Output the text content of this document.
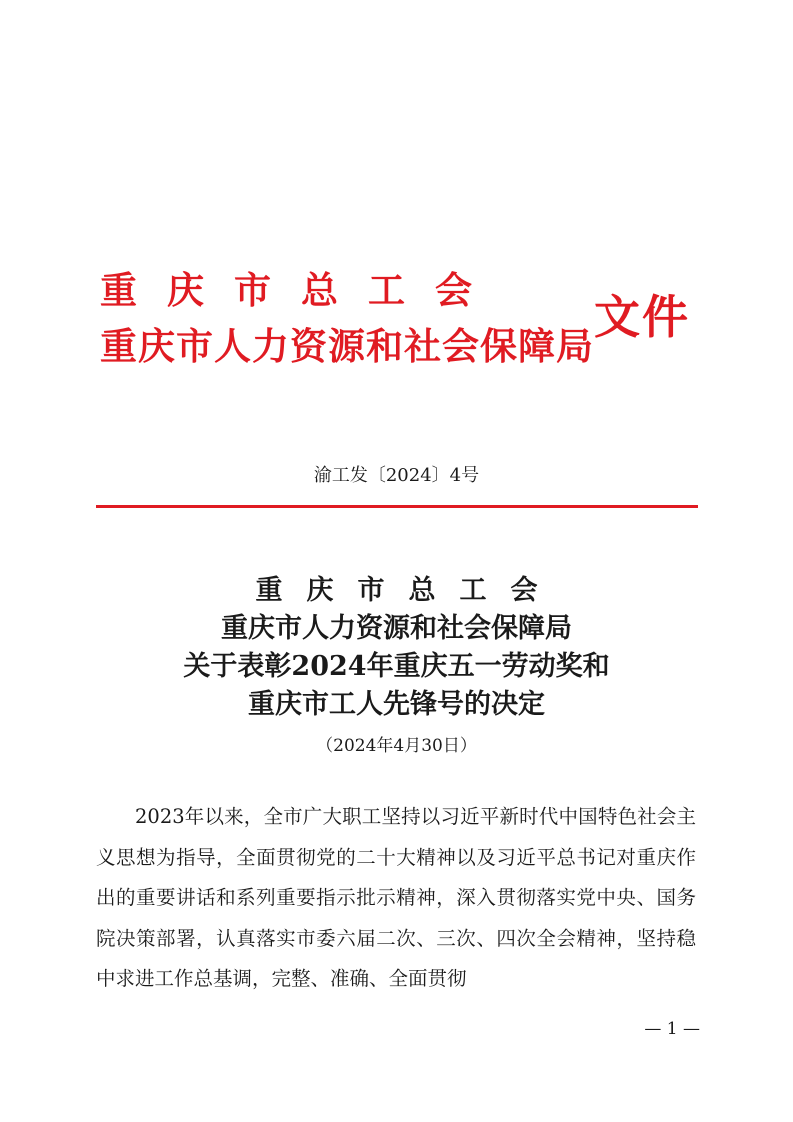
重庆市总工会
重庆市人力资源和社会保障局
文件
渝工发〔2024〕4号
重庆市总工会
重庆市人力资源和社会保障局
关于表彰2024年重庆五一劳动奖和
重庆市工人先锋号的决定
（2024年4月30日）

2023年以来，全市广大职工坚持以习近平新时代中国特色社会主义思想为指导，全面贯彻党的二十大精神以及习近平总书记对重庆作出的重要讲话和系列重要指示批示精神，深入贯彻落实党中央、国务院决策部署，认真落实市委六届二次、三次、四次全会精神，坚持稳中求进工作总基调，完整、准确、全面贯彻

— 1 —
